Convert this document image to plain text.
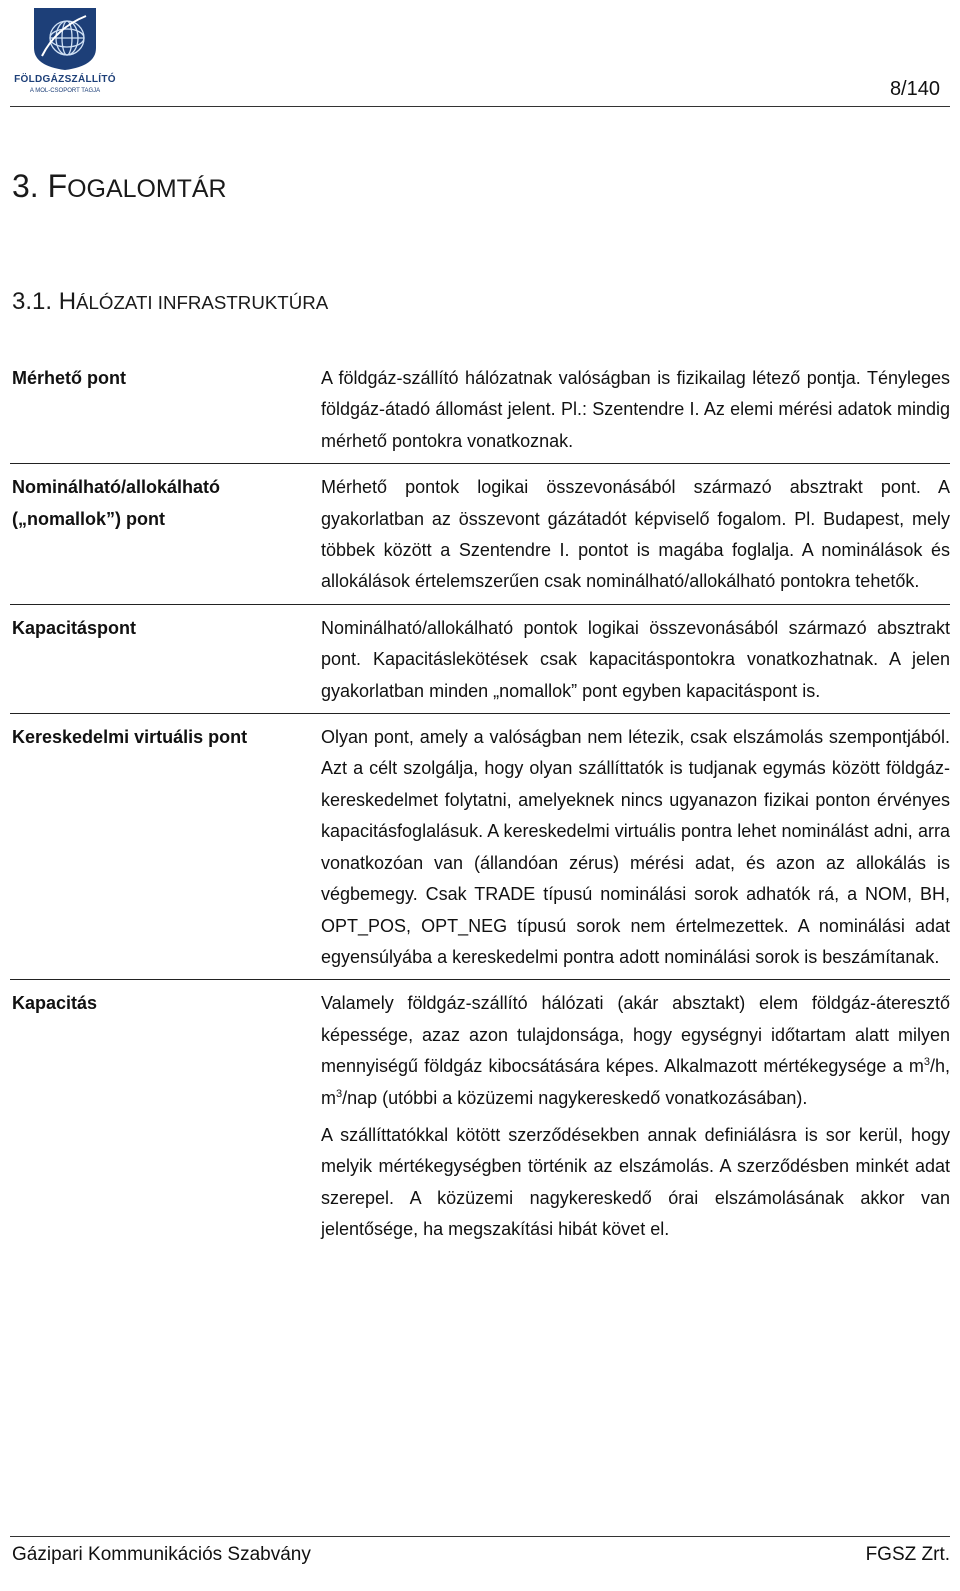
FÖLDGÁZSZÁLLÍTÓ
A MOL-CSOPORT TAGJA	8/140
3. FOGALOMTÁR
3.1. HÁLÓZATI INFRASTRUKTÚRA
Mérhető pont	A földgáz-szállító hálózatnak valóságban is fizikailag létező pontja. Tényleges földgáz-átadó állomást jelent. Pl.: Szentendre I. Az elemi mérési adatok mindig mérhető pontokra vonatkoznak.
Nominálható/allokálható
(„nomallok”) pont	Mérhető pontok logikai összevonásából származó absztrakt pont. A gyakorlatban az összevont gázátadót képviselő fogalom. Pl. Budapest, mely többek között a Szentendre I. pontot is magába foglalja. A nominálások és allokálások értelemszerűen csak nominálható/allokálható pontokra tehetők.
Kapacitáspont	Nominálható/allokálható pontok logikai összevonásából származó absztrakt pont. Kapacitáslekötések csak kapacitáspontokra vonatkozhatnak. A jelen gyakorlatban minden „nomallok” pont egyben kapacitáspont is.
Kereskedelmi virtuális pont	Olyan pont, amely a valóságban nem létezik, csak elszámolás szempontjából. Azt a célt szolgálja, hogy olyan szállíttatók is tudjanak egymás között földgáz-kereskedelmet folytatni, amelyeknek nincs ugyanazon fizikai ponton érvényes kapacitásfoglalásuk. A kereskedelmi virtuális pontra lehet nominálást adni, arra vonatkozóan van (állandóan zérus) mérési adat, és azon az allokálás is végbemegy. Csak TRADE típusú nominálási sorok adhatók rá, a NOM, BH, OPT_POS, OPT_NEG típusú sorok nem értelmezettek. A nominálási adat egyensúlyába a kereskedelmi pontra adott nominálási sorok is beszámítanak.
Kapacitás	Valamely földgáz-szállító hálózati (akár absztakt) elem földgáz-áteresztő képessége, azaz azon tulajdonsága, hogy egységnyi időtartam alatt milyen mennyiségű földgáz kibocsátására képes. Alkalmazott mértékegysége a $m^3/h$, $m^3$/nap (utóbbi a közüzemi nagykereskedő vonatkozásában).

A szállíttatókkal kötött szerződésekben annak definiálásra is sor kerül, hogy melyik mértékegységben történik az elszámolás. A szerződésben minkét adat szerepel. A közüzemi nagykereskedő órai elszámolásának akkor van jelentősége, ha megszakítási hibát követ el.

Gázipari Kommunikációs Szabvány	FGSZ Zrt.
